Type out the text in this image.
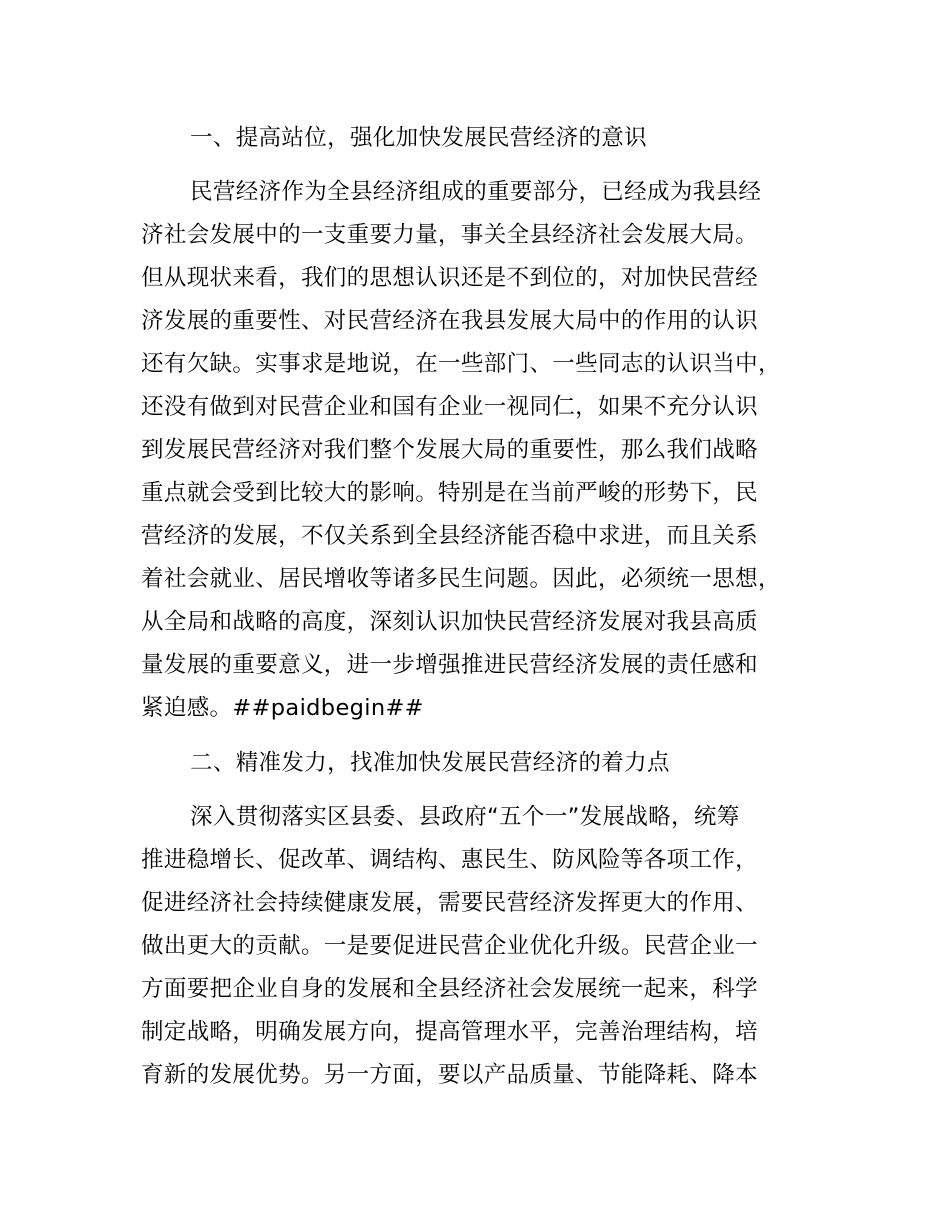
一、提高站位，强化加快发展民营经济的意识
民营经济作为全县经济组成的重要部分，已经成为我县经
济社会发展中的一支重要力量，事关全县经济社会发展大局。
但从现状来看，我们的思想认识还是不到位的，对加快民营经
济发展的重要性、对民营经济在我县发展大局中的作用的认识
还有欠缺。实事求是地说，在一些部门、一些同志的认识当中，
还没有做到对民营企业和国有企业一视同仁，如果不充分认识
到发展民营经济对我们整个发展大局的重要性，那么我们战略
重点就会受到比较大的影响。特别是在当前严峻的形势下，民
营经济的发展，不仅关系到全县经济能否稳中求进，而且关系
着社会就业、居民增收等诸多民生问题。因此，必须统一思想，
从全局和战略的高度，深刻认识加快民营经济发展对我县高质
量发展的重要意义，进一步增强推进民营经济发展的责任感和
紧迫感。##paidbegin##
二、精准发力，找准加快发展民营经济的着力点
深入贯彻落实区县委、县政府“五个一”发展战略，统筹
推进稳增长、促改革、调结构、惠民生、防风险等各项工作，
促进经济社会持续健康发展，需要民营经济发挥更大的作用、
做出更大的贡献。一是要促进民营企业优化升级。民营企业一
方面要把企业自身的发展和全县经济社会发展统一起来，科学
制定战略，明确发展方向，提高管理水平，完善治理结构，培
育新的发展优势。另一方面，要以产品质量、节能降耗、降本
